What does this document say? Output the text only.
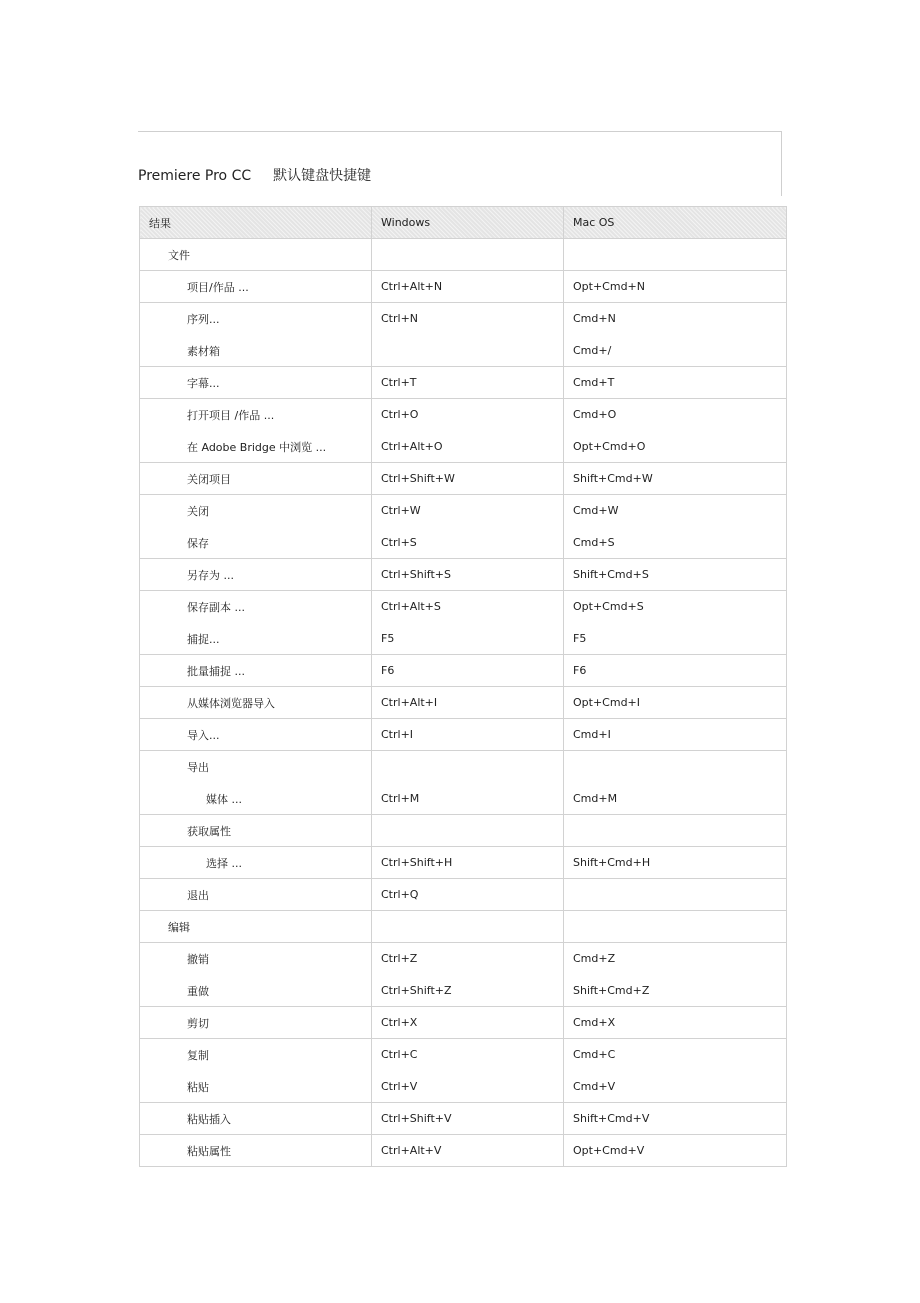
Premiere Pro CC 默认键盘快捷键
结果	Windows	Mac OS
文件		
项目/作品 ...	Ctrl+Alt+N	Opt+Cmd+N
序列...	Ctrl+N	Cmd+N
素材箱		Cmd+/
字幕...	Ctrl+T	Cmd+T
打开项目 /作品 ...	Ctrl+O	Cmd+O
在 Adobe Bridge 中浏览 ...	Ctrl+Alt+O	Opt+Cmd+O
关闭项目	Ctrl+Shift+W	Shift+Cmd+W
关闭	Ctrl+W	Cmd+W
保存	Ctrl+S	Cmd+S
另存为 ...	Ctrl+Shift+S	Shift+Cmd+S
保存副本 ...	Ctrl+Alt+S	Opt+Cmd+S
捕捉...	F5	F5
批量捕捉 ...	F6	F6
从媒体浏览器导入	Ctrl+Alt+I	Opt+Cmd+I
导入...	Ctrl+I	Cmd+I
导出		
媒体 ...	Ctrl+M	Cmd+M
获取属性		
选择 ...	Ctrl+Shift+H	Shift+Cmd+H
退出	Ctrl+Q	
编辑		
撤销	Ctrl+Z	Cmd+Z
重做	Ctrl+Shift+Z	Shift+Cmd+Z
剪切	Ctrl+X	Cmd+X
复制	Ctrl+C	Cmd+C
粘贴	Ctrl+V	Cmd+V
粘贴插入	Ctrl+Shift+V	Shift+Cmd+V
粘贴属性	Ctrl+Alt+V	Opt+Cmd+V
